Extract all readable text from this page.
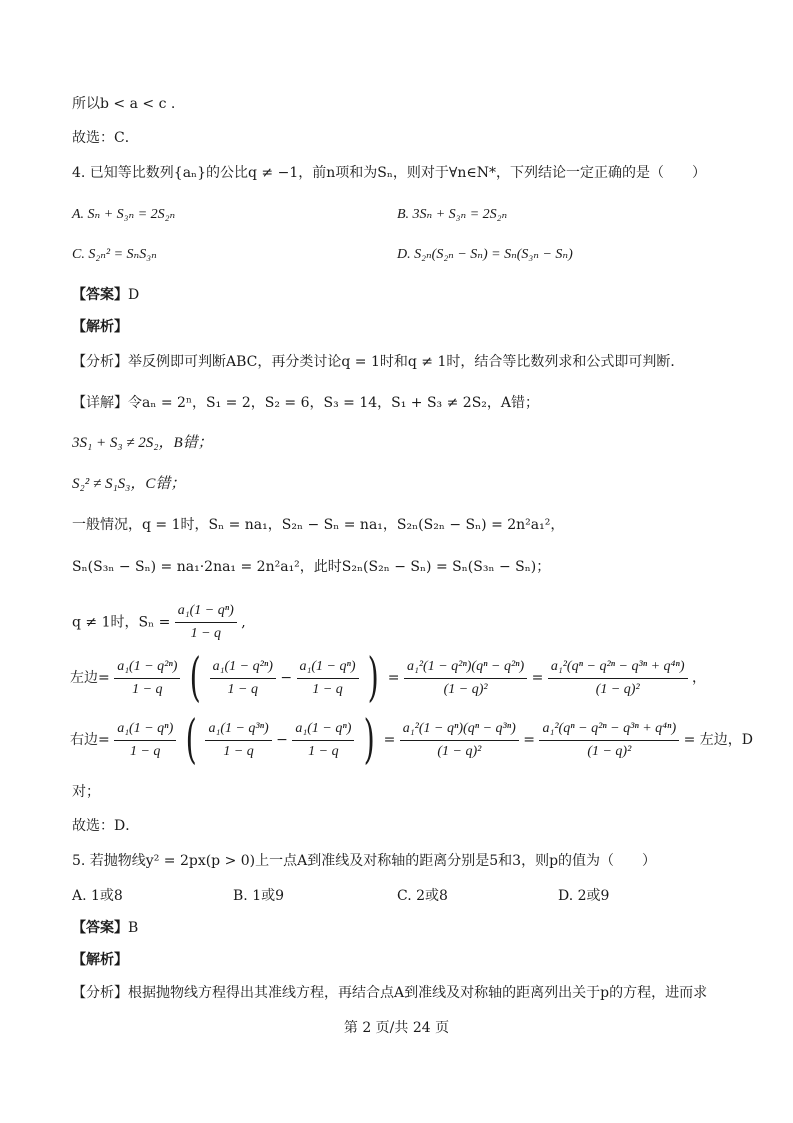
所以b < a < c .
故选：C．
4. 已知等比数列{aₙ}的公比q ≠ −1，前n项和为Sₙ，则对于∀n∈N*，下列结论一定正确的是（　　）
A. Sₙ + S₃ₙ = 2S₂ₙ	B. 3Sₙ + S₃ₙ = 2S₂ₙ
C. S₂ₙ² = SₙS₃ₙ	D. S₂ₙ(S₂ₙ − Sₙ) = Sₙ(S₃ₙ − Sₙ)
【答案】D
【解析】
【分析】举反例即可判断ABC，再分类讨论q = 1时和q ≠ 1时，结合等比数列求和公式即可判断．
【详解】令aₙ = 2ⁿ，S₁ = 2，S₂ = 6，S₃ = 14，S₁ + S₃ ≠ 2S₂，A错；
3S₁ + S₃ ≠ 2S₂，B错；
S₂² ≠ S₁S₃，C错；
一般情况，q = 1时，Sₙ = na₁，S₂ₙ − Sₙ = na₁，S₂ₙ(S₂ₙ − Sₙ) = 2n²a₁²，
Sₙ(S₃ₙ − Sₙ) = na₁·2na₁ = 2n²a₁²，此时S₂ₙ(S₂ₙ − Sₙ) = Sₙ(S₃ₙ − Sₙ)；
q ≠ 1时，$S_n = \frac{\text{a₁(1 − qⁿ)}}{1 - q}$ ,
左边= $\frac{\text{a₁(1 − q²ⁿ)}}{1 - q}$ ( $\frac{\text{a₁(1 − q²ⁿ)}}{1 - q} - \frac{\text{a₁(1 − qⁿ)}}{1 - q}$ ) = $\frac{\text{a₁²(1 − q²ⁿ)(qⁿ − q²ⁿ)}}{\text{(1 − q)²}} = \frac{\text{a₁²(qⁿ − q²ⁿ − q³ⁿ + q⁴ⁿ)}}{\text{(1 − q)²}}$ ，
右边= $\frac{\text{a₁(1 − qⁿ)}}{1 - q}$ ( $\frac{\text{a₁(1 − q³ⁿ)}}{1 - q} - \frac{\text{a₁(1 − qⁿ)}}{1 - q}$ ) = $\frac{\text{a₁²(1 − qⁿ)(qⁿ − q³ⁿ)}}{\text{(1 − q)²}} = \frac{\text{a₁²(qⁿ − q²ⁿ − q³ⁿ + q⁴ⁿ)}}{\text{(1 − q)²}}$ = 左边，D
对；
故选：D．
5. 若抛物线y² = 2px(p > 0)上一点A到准线及对称轴的距离分别是5和3，则p的值为（　　）
A. 1或8	B. 1或9	C. 2或8	D. 2或9
【答案】B
【解析】
【分析】根据抛物线方程得出其准线方程，再结合点A到准线及对称轴的距离列出关于p的方程，进而求
第 2 页/共 24 页
